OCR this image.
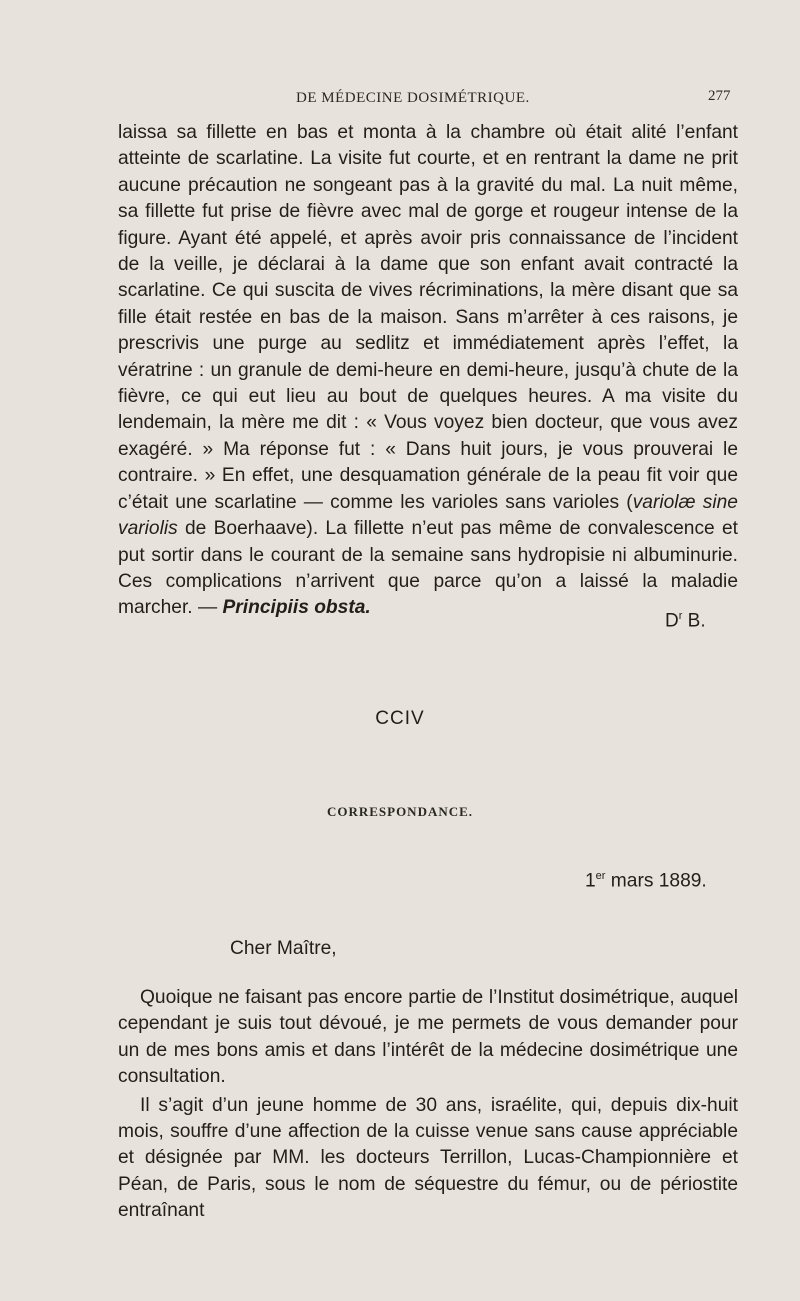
DE MÉDECINE DOSIMÉTRIQUE.	277

laissa sa fillette en bas et monta à la chambre où était alité l’enfant atteinte de scarlatine. La visite fut courte, et en rentrant la dame ne prit aucune précaution ne songeant pas à la gravité du mal. La nuit même, sa fillette fut prise de fièvre avec mal de gorge et rougeur intense de la figure. Ayant été appelé, et après avoir pris connaissance de l’incident de la veille, je déclarai à la dame que son enfant avait contracté la scarlatine. Ce qui suscita de vives récriminations, la mère disant que sa fille était restée en bas de la maison. Sans m’arrêter à ces raisons, je prescrivis une purge au sedlitz et immédiatement après l’effet, la vératrine : un granule de demi-heure en demi-heure, jusqu’à chute de la fièvre, ce qui eut lieu au bout de quelques heures. A ma visite du lendemain, la mère me dit : « Vous voyez bien docteur, que vous avez exagéré. » Ma réponse fut : « Dans huit jours, je vous prouverai le contraire. » En effet, une desquamation générale de la peau fit voir que c’était une scarlatine — comme les varioles sans varioles (variolæ sine variolis de Boerhaave). La fillette n’eut pas même de convalescence et put sortir dans le courant de la semaine sans hydropisie ni albuminurie. Ces complications n’arrivent que parce qu’on a laissé la maladie marcher. — Principiis obsta.

$D^r$ B.
CCIV
CORRESPONDANCE.
1er mars 1889.
Cher Maître,

Quoique ne faisant pas encore partie de l’Institut dosimétrique, auquel cependant je suis tout dévoué, je me permets de vous demander pour un de mes bons amis et dans l’intérêt de la médecine dosimétrique une consultation.

Il s’agit d’un jeune homme de 30 ans, israélite, qui, depuis dix-huit mois, souffre d’une affection de la cuisse venue sans cause appréciable et désignée par MM. les docteurs Terrillon, Lucas-Championnière et Péan, de Paris, sous le nom de séquestre du fémur, ou de périostite entraînant
